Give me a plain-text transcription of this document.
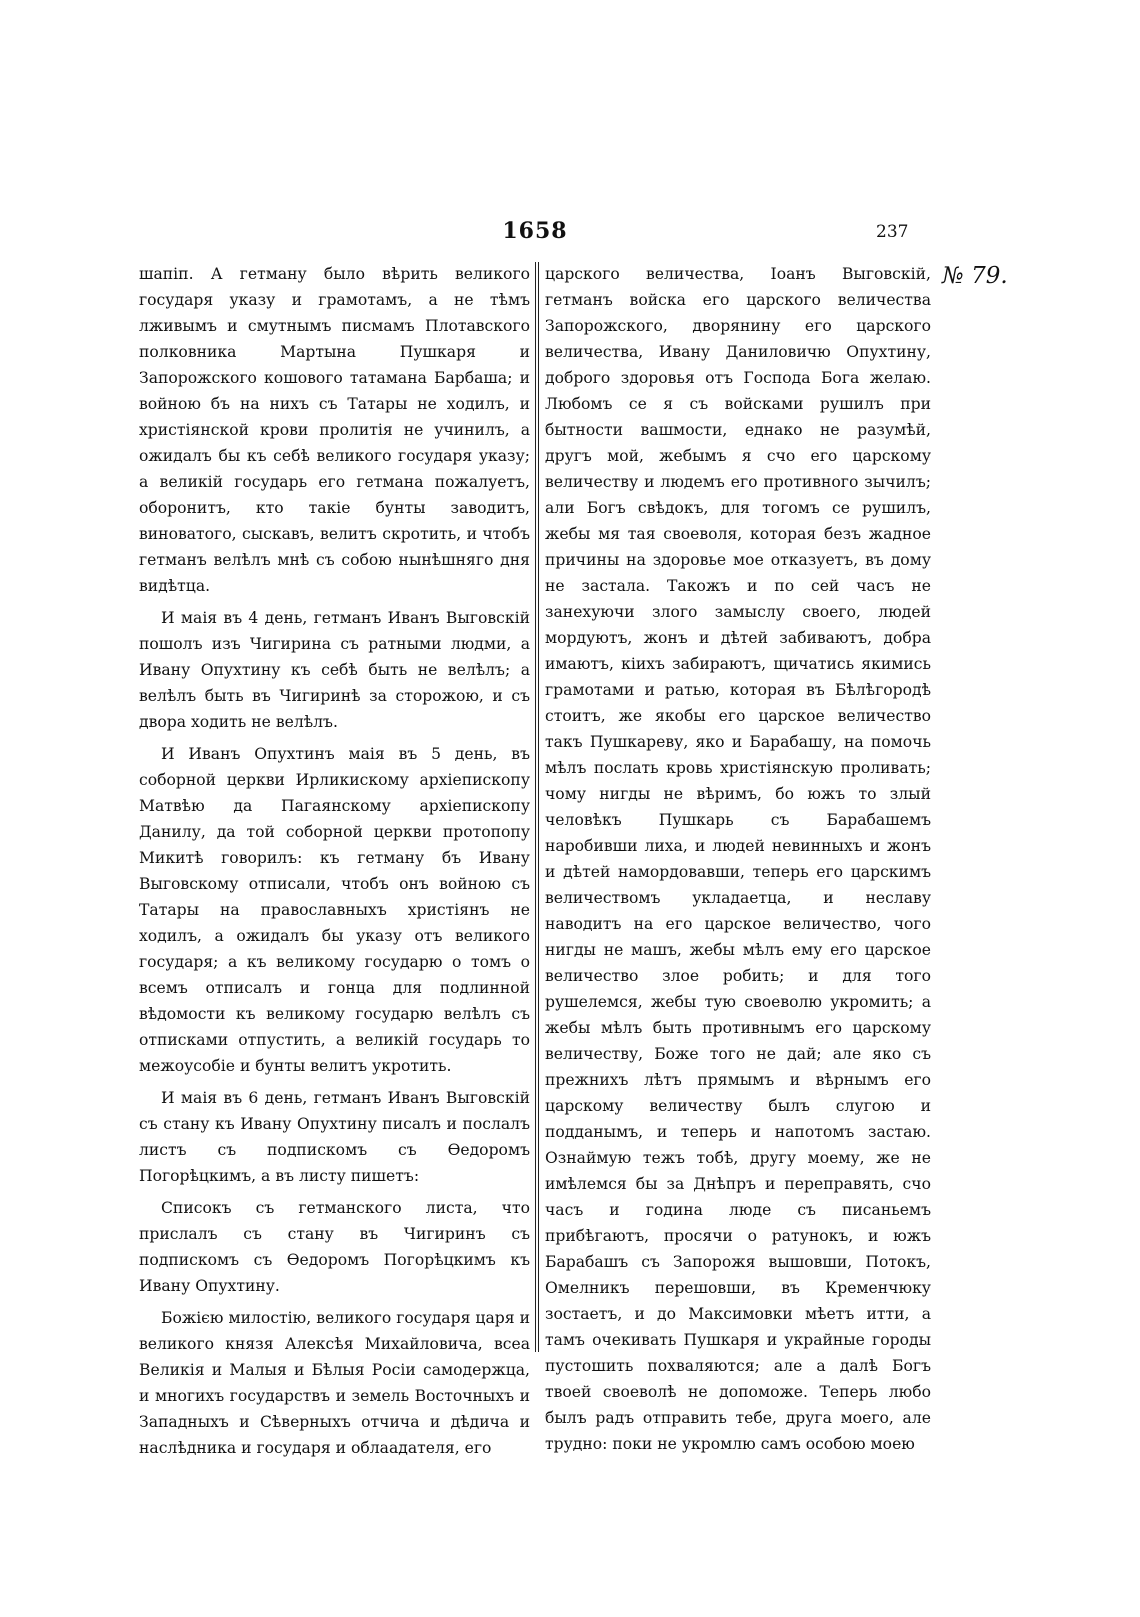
1658	237
№ 79.

шапіп. А гетману было вѣрить великого государя указу и грамотамъ, а не тѣмъ лживымъ и смутнымъ писмамъ Плотавского полковника Мартына Пушкаря и Запорожского кошового татамана Барбаша; и войною бъ на нихъ съ Татары не ходилъ, и христіянской крови пролитія не учинилъ, а ожидалъ бы къ себѣ великого государя указу; а великій государь его гетмана пожалуетъ, оборонитъ, кто такіе бунты заводитъ, виноватого, сыскавъ, велитъ скротить, и чтобъ гетманъ велѣлъ мнѣ съ собою нынѣшняго дня видѣтца.

И маія въ 4 день, гетманъ Иванъ Выговскій пошолъ изъ Чигирина съ ратными людми, а Ивану Опухтину къ себѣ быть не велѣлъ; а велѣлъ быть въ Чигиринѣ за сторожою, и съ двора ходить не велѣлъ.

И Иванъ Опухтинъ маія въ 5 день, въ соборной церкви Ирликискому архіепископу Матвѣю да Пагаянскому архіепископу Данилу, да той соборной церкви протопопу Микитѣ говорилъ: къ гетману бъ Ивану Выговскому отписали, чтобъ онъ войною съ Татары на православныхъ христіянъ не ходилъ, а ожидалъ бы указу отъ великого государя; а къ великому государю о томъ о всемъ отписалъ и гонца для подлинной вѣдомости къ великому государю велѣлъ съ отписками отпустить, а великій государь то межоусобіе и бунты велитъ укротить.

И маія въ 6 день, гетманъ Иванъ Выговскій съ стану къ Ивану Опухтину писалъ и послалъ листъ съ подпискомъ съ Өедоромъ Погорѣцкимъ, а въ листу пишетъ:

Списокъ съ гетманского листа, что прислалъ съ стану въ Чигиринъ съ подпискомъ съ Өедоромъ Погорѣцкимъ къ Ивану Опухтину.

Божією милостію, великого государя царя и великого князя Алексѣя Михайловича, всеа Великія и Малыя и Бѣлыя Росіи самодержца, и многихъ государствъ и земель Восточныхъ и Западныхъ и Сѣверныхъ отчича и дѣдича и наслѣдника и государя и облаадателя, его

царского величества, Іоанъ Выговскій, гетманъ войска его царского величества Запорожского, дворянину его царского величества, Ивану Даниловичю Опухтину, доброго здоровья отъ Господа Бога желаю. Любомъ се я съ войсками рушилъ при бытности вашмости, еднако не разумѣй, другъ мой, жебымъ я счо его царскому величеству и людемъ его противного зычилъ; али Богъ свѣдокъ, для тогомъ се рушилъ, жебы мя тая своеволя, которая безъ жадное причины на здоровье мое отказуетъ, въ дому не застала. Такожъ и по сей часъ не занехуючи злого замыслу своего, людей мордуютъ, жонъ и дѣтей забиваютъ, добра имаютъ, кіихъ забираютъ, щичатись якимись грамотами и ратью, которая въ Бѣлѣгородѣ стоитъ, же якобы его царское величество такъ Пушкареву, яко и Барабашу, на помочь мѣлъ послать кровь христіянскую проливать; чому нигды не вѣримъ, бо южъ то злый человѣкъ Пушкарь съ Барабашемъ наробивши лиха, и людей невинныхъ и жонъ и дѣтей намордовавши, теперь его царскимъ величествомъ укладаетца, и неславу наводитъ на его царское величество, чого нигды не машъ, жебы мѣлъ ему его царское величество злое робить; и для того рушелемся, жебы тую своеволю укромить; а жебы мѣлъ быть противнымъ его царскому величеству, Боже того не дай; але яко съ прежнихъ лѣтъ прямымъ и вѣрнымъ его царскому величеству былъ слугою и подданымъ, и теперь и напотомъ застаю. Ознаймую тежъ тобѣ, другу моему, же не имѣлемся бы за Днѣпръ и переправять, счо часъ и година люде съ писаньемъ прибѣгаютъ, просячи о ратунокъ, и южъ Барабашъ съ Запорожя вышовши, Потокъ, Омелникъ перешовши, въ Кременчюку зостаетъ, и до Максимовки мѣетъ итти, а тамъ очекивать Пушкаря и украйные городы пустошить похваляются; але а далѣ Богъ твоей своеволѣ не допоможе. Теперь любо былъ радъ отправить тебе, друга моего, але трудно: поки не укромлю самъ особою моею
